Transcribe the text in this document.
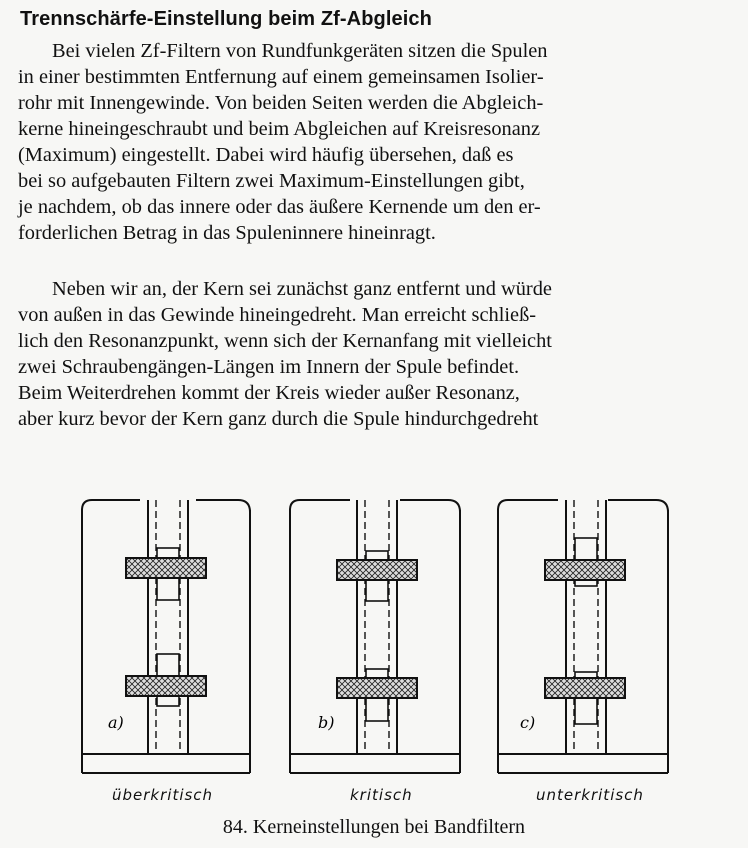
Trennschärfe-Einstellung beim Zf-Abgleich

Bei vielen Zf-Filtern von Rundfunkgeräten sitzen die Spulen
in einer bestimmten Entfernung auf einem gemeinsamen Isolier-
rohr mit Innengewinde. Von beiden Seiten werden die Abgleich-
kerne hineingeschraubt und beim Abgleichen auf Kreisresonanz
(Maximum) eingestellt. Dabei wird häufig übersehen, daß es
bei so aufgebauten Filtern zwei Maximum-Einstellungen gibt,
je nachdem, ob das innere oder das äußere Kernende um den er-
forderlichen Betrag in das Spuleninnere hineinragt.

Neben wir an, der Kern sei zunächst ganz entfernt und würde
von außen in das Gewinde hineingedreht. Man erreicht schließ-
lich den Resonanzpunkt, wenn sich der Kernanfang mit vielleicht
zwei Schraubengängen-Längen im Innern der Spule befindet.
Beim Weiterdrehen kommt der Kreis wieder außer Resonanz,
aber kurz bevor der Kern ganz durch die Spule hindurchgedreht

a)	b)	c)
überkritisch	kritisch	unterkritisch
84. Kerneinstellungen bei Bandfiltern
